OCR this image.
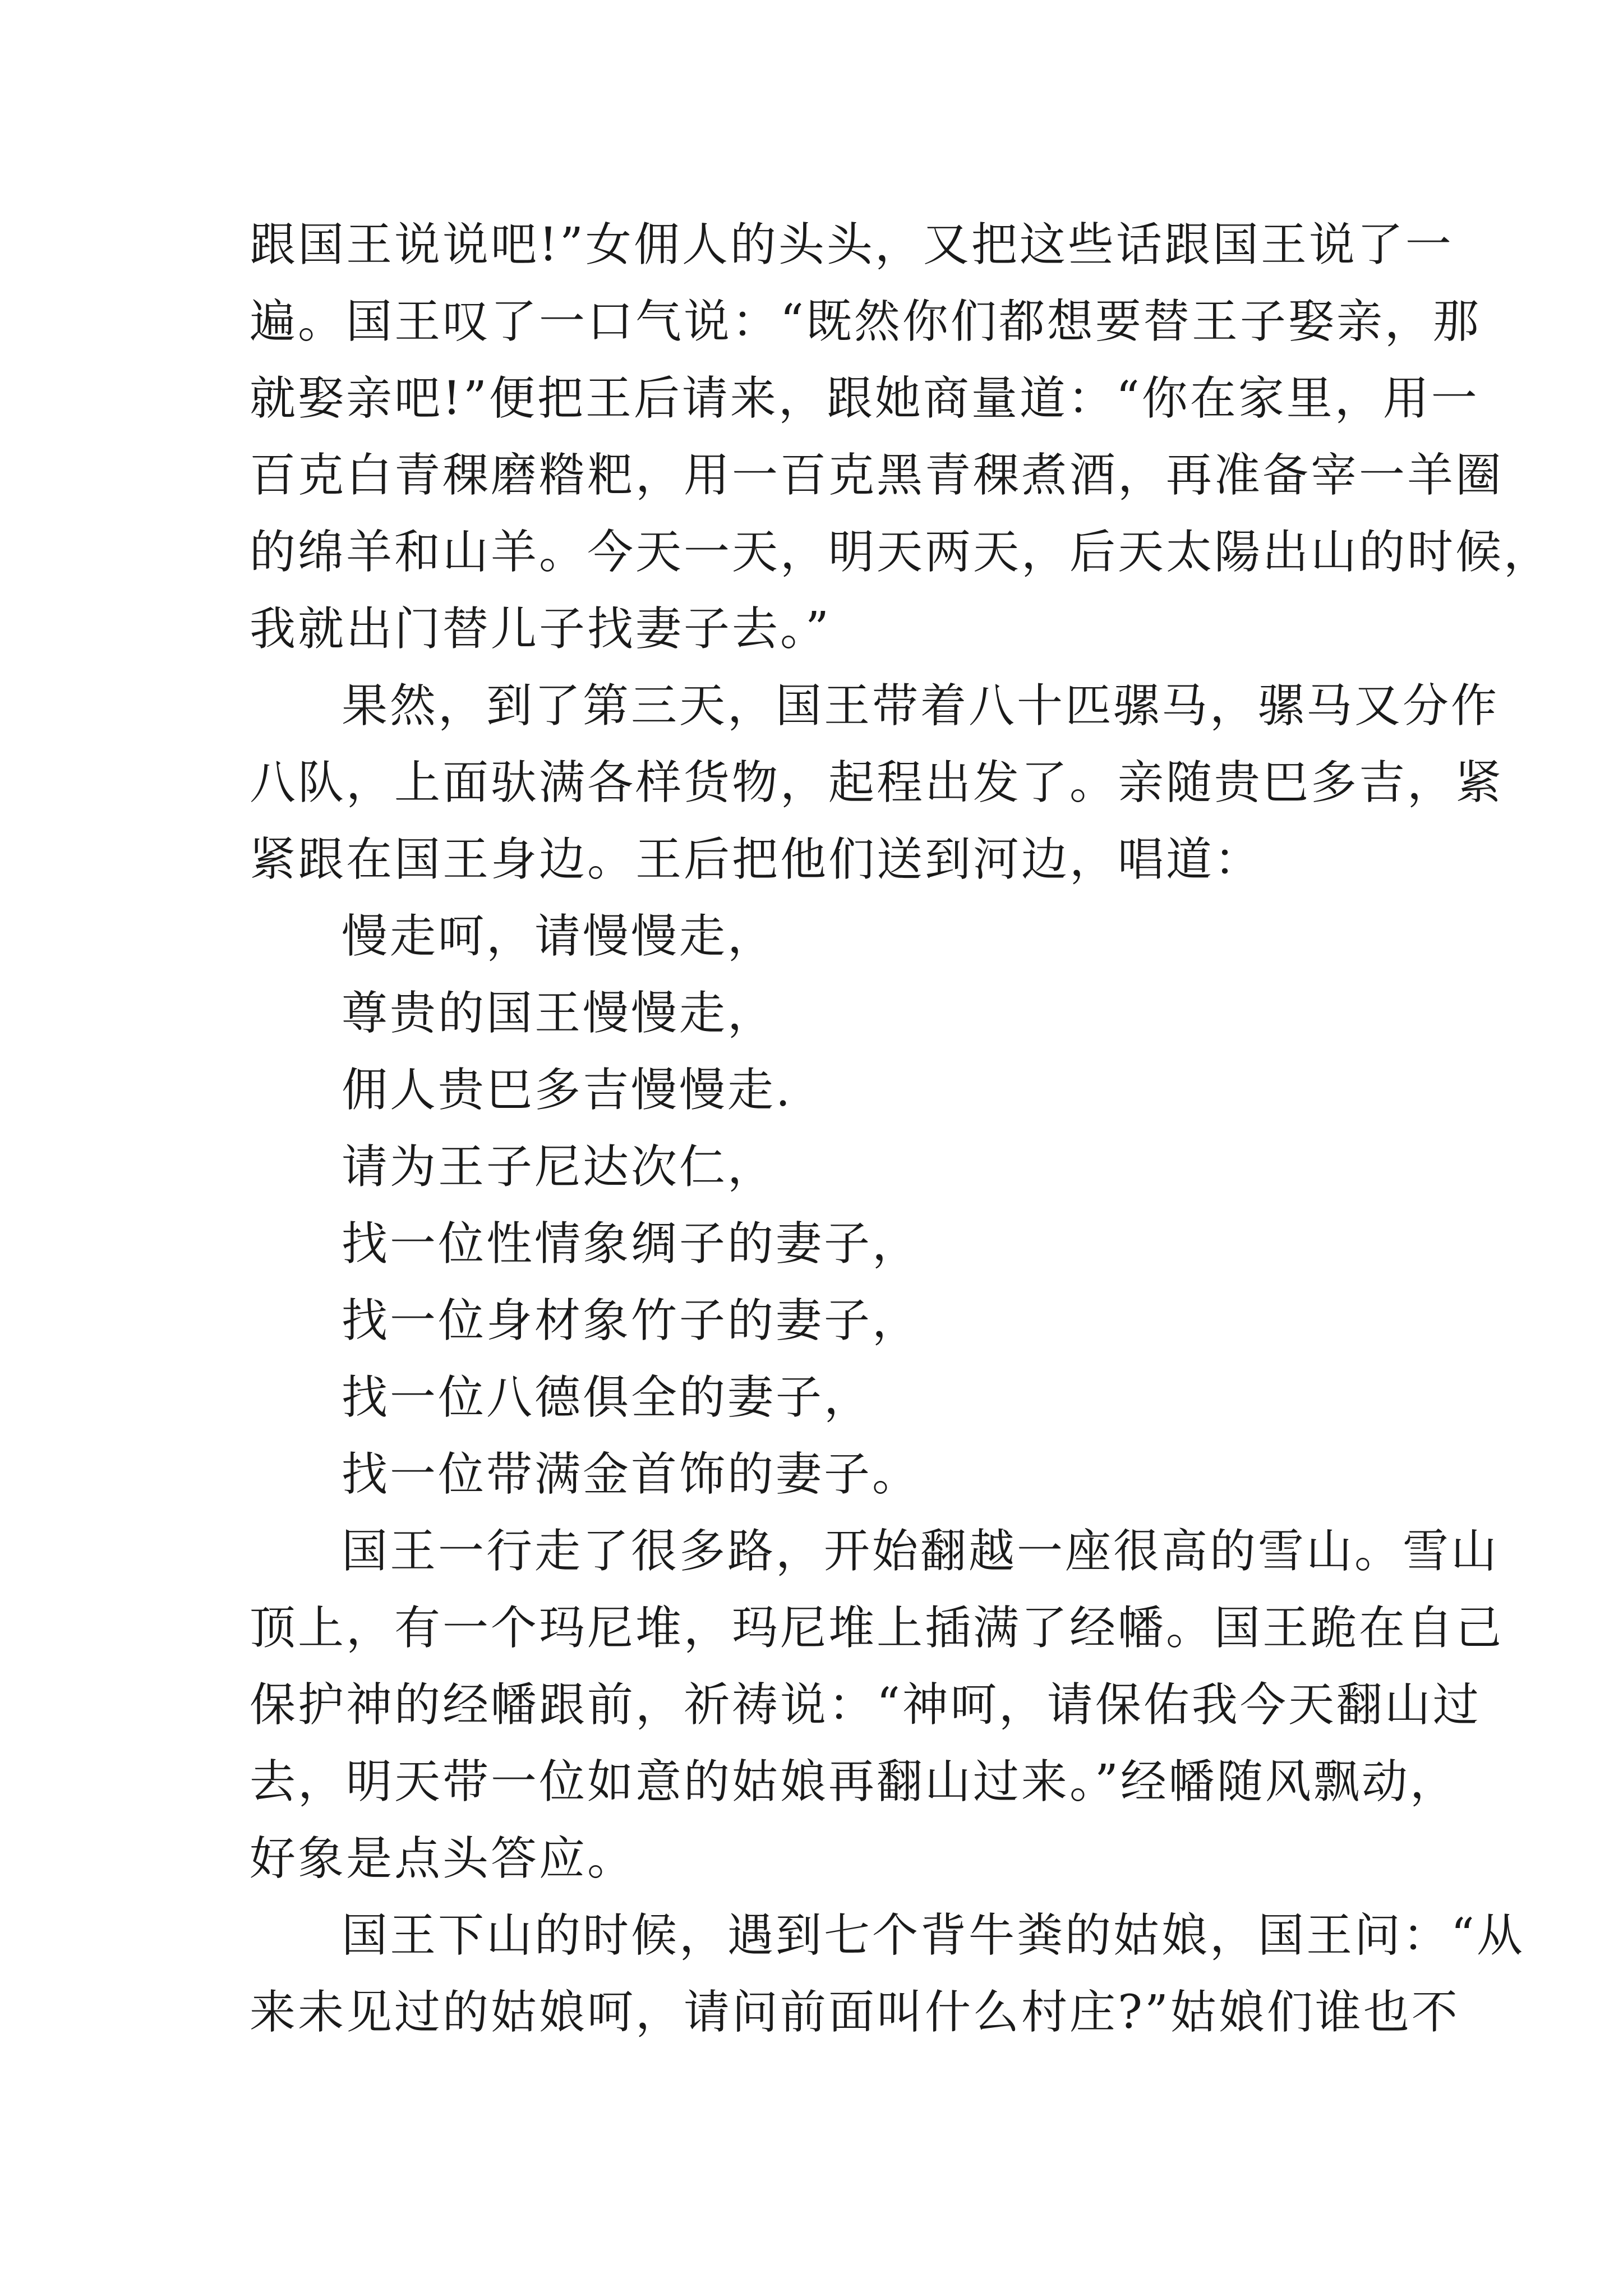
跟国王说说吧!”女佣人的头头，又把这些话跟国王说了一
遍。国王叹了一口气说：“既然你们都想要替王子娶亲，那
就娶亲吧!”便把王后请来，跟她商量道：“你在家里，用一
百克白青稞磨糌粑，用一百克黑青稞煮酒，再准备宰一羊圈
的绵羊和山羊。今天一天，明天两天，后天太陽出山的时候，
我就出门替儿子找妻子去。”
果然，到了第三天，国王带着八十匹骡马，骡马又分作
八队，上面驮满各样货物，起程出发了。亲随贵巴多吉，紧
紧跟在国王身边。王后把他们送到河边，唱道：
慢走呵，请慢慢走，
尊贵的国王慢慢走，
佣人贵巴多吉慢慢走.
请为王子尼达次仁，
找一位性情象绸子的妻子，
找一位身材象竹子的妻子，
找一位八德俱全的妻子，
找一位带满金首饰的妻子。
国王一行走了很多路，开始翻越一座很高的雪山。雪山
顶上，有一个玛尼堆，玛尼堆上插满了经幡。国王跪在自己
保护神的经幡跟前，祈祷说：“神呵，请保佑我今天翻山过
去，明天带一位如意的姑娘再翻山过来。”经幡随风飘动，
好象是点头答应。
国王下山的时候，遇到七个背牛粪的姑娘，国王问：“从
来未见过的姑娘呵，请问前面叫什么村庄?”姑娘们谁也不
